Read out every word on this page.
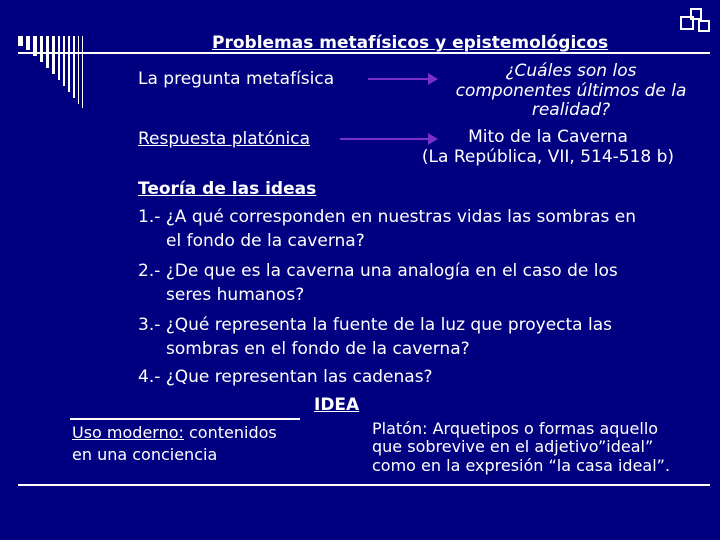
Problemas metafísicos y epistemológicos
La pregunta metafísica	¿Cuáles son los
componentes últimos de la
realidad?
Respuesta platónica	Mito de la Caverna
(La República, VII, 514-518 b)
Teoría de las ideas
1.- ¿A qué corresponden en nuestras vidas las sombras en
el fondo de la caverna?
2.- ¿De que es la caverna una analogía en el caso de los
seres humanos?
3.- ¿Qué representa la fuente de la luz que proyecta las
sombras en el fondo de la caverna?
4.- ¿Que representan las cadenas?
IDEA
Uso moderno: contenidos
en una conciencia
Platón: Arquetipos o formas aquello
que sobrevive en el adjetivo”ideal”
como en la expresión “la casa ideal”.
